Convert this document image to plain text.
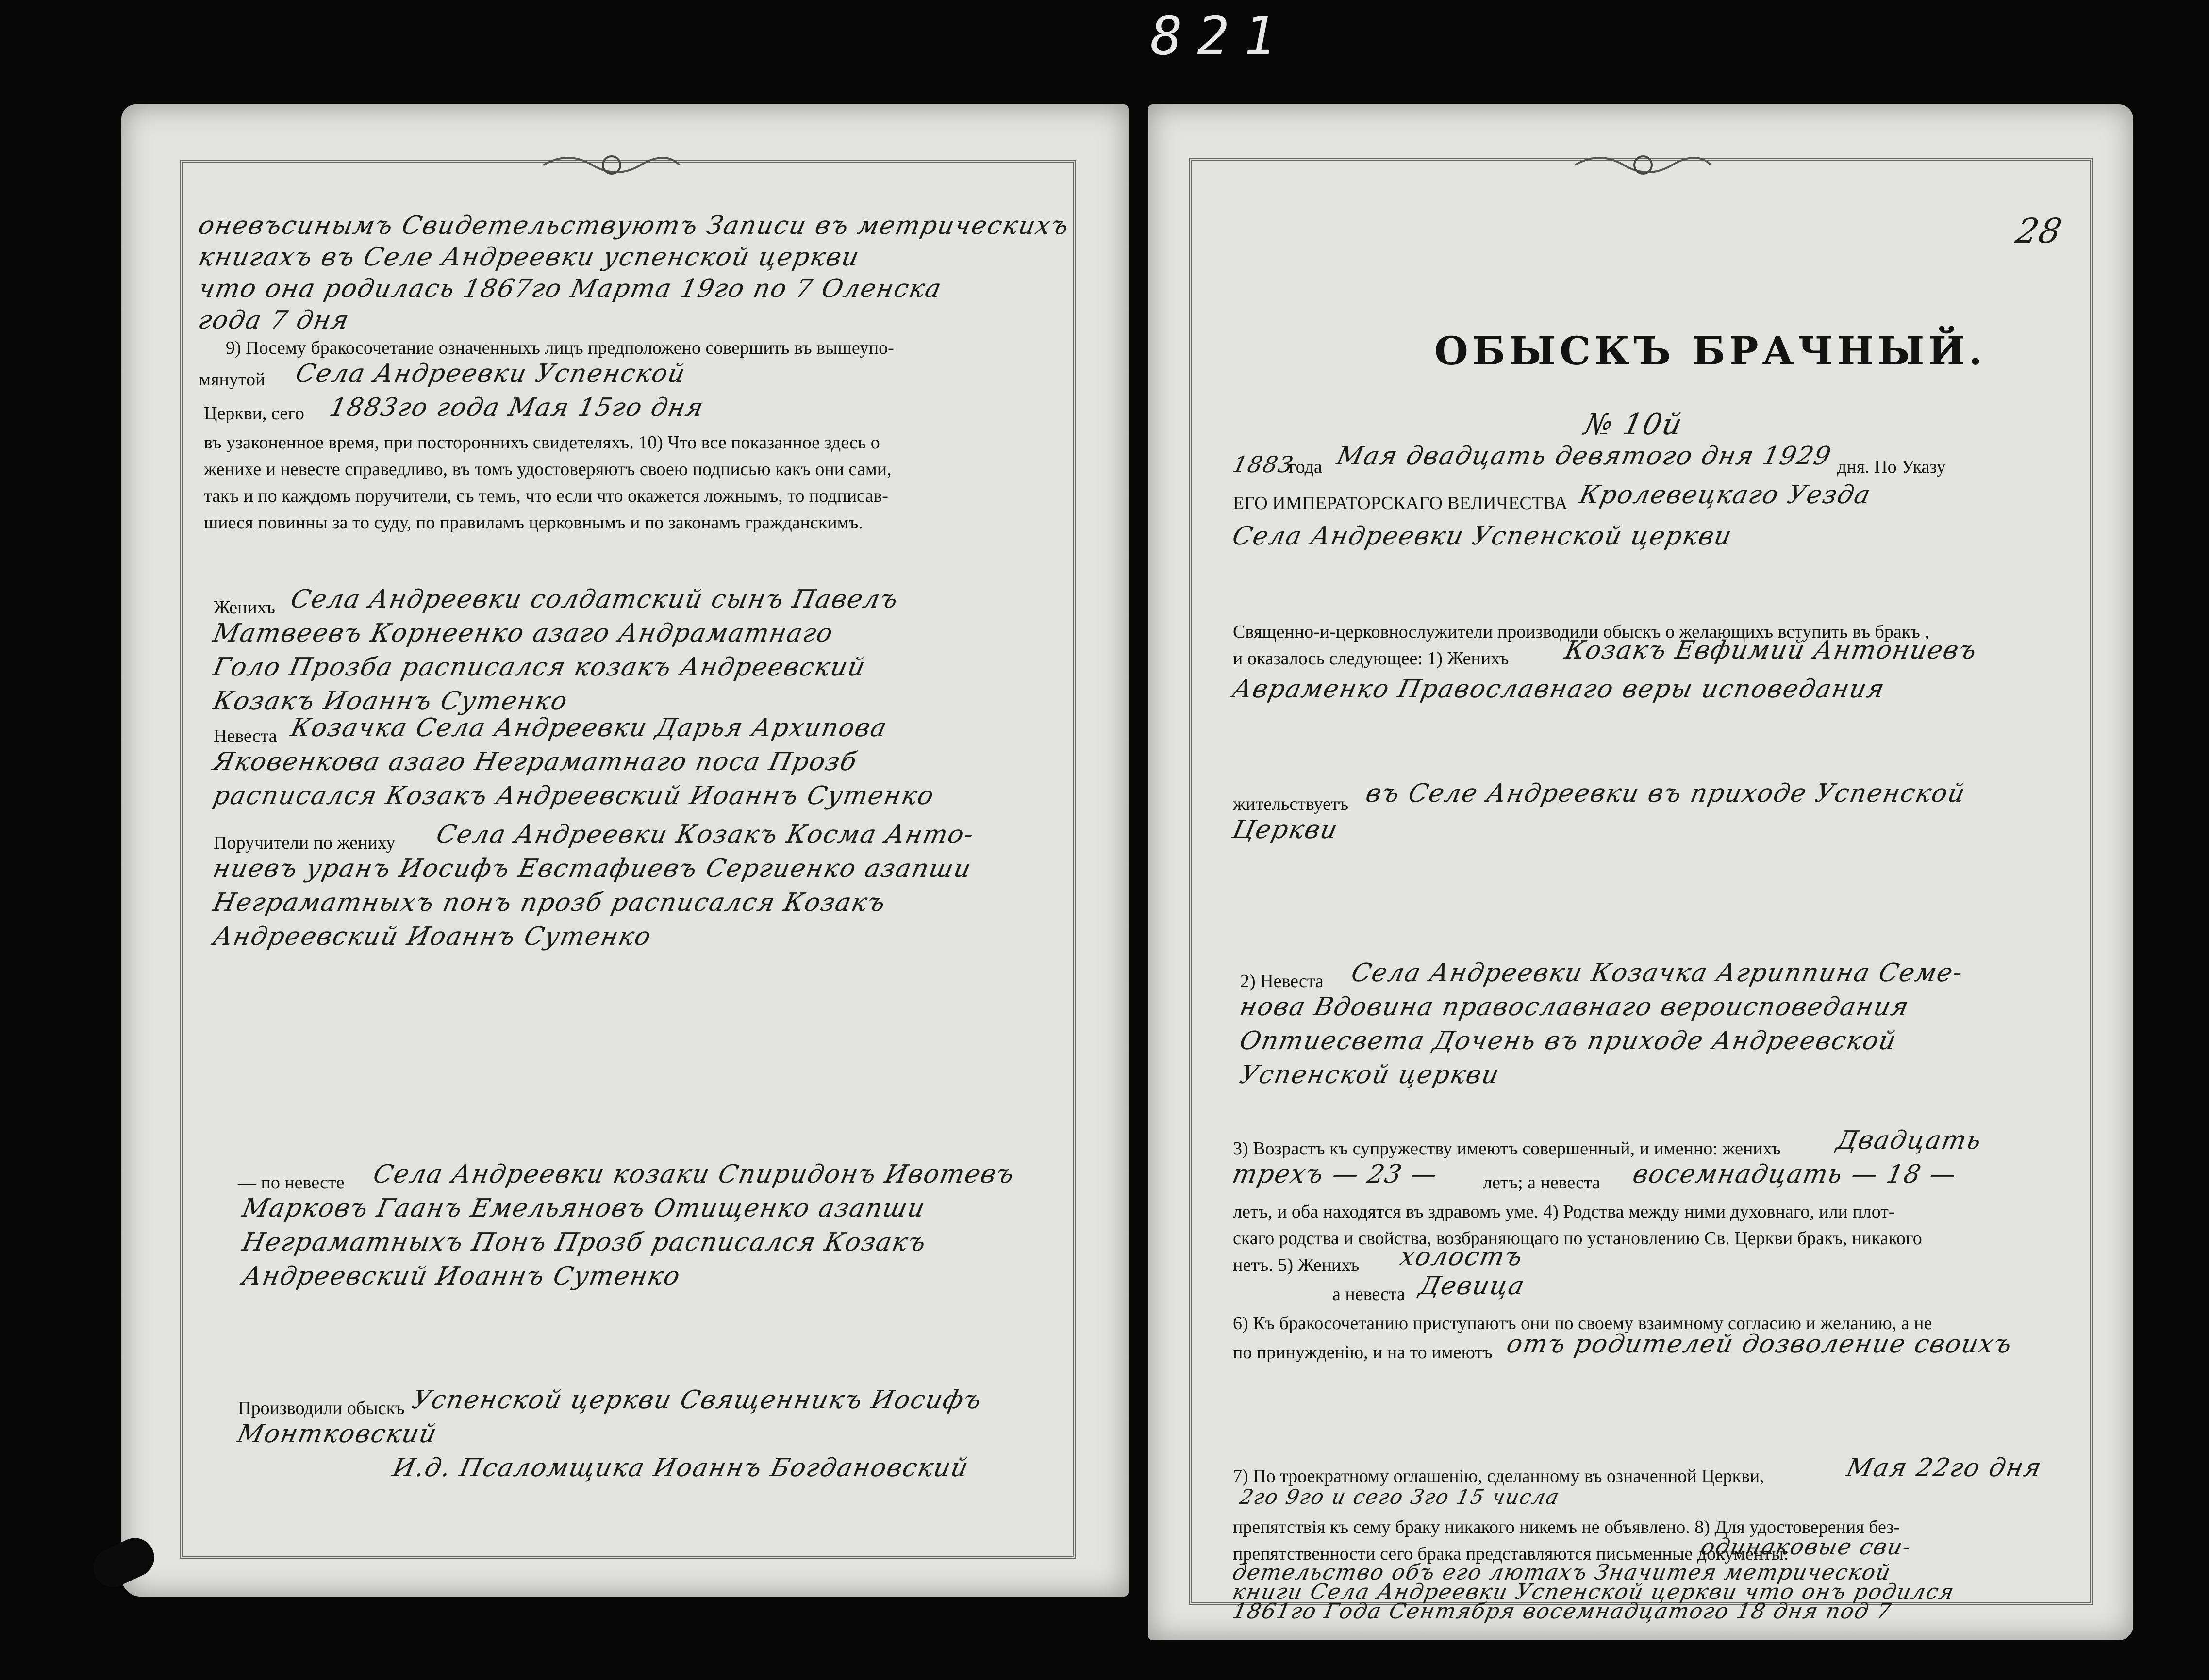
821
оневъсинымъ Свидетельствуютъ Записи въ метрическихъ
книгахъ въ Селе Андреевки успенской церкви
что она родилась 1867го Марта 19го по 7 Оленска
года 7 дня
9) Посему бракосочетание означенныхъ лицъ предположено совершить въ вышеупо-
мянутой Села Андреевки Успенской
Церкви, сего 1883го года Мая 15го дня
въ узаконенное время, при постороннихъ свидетеляхъ. 10) Что все показанное здесь о
женихе и невесте справедливо, въ томъ удостоверяютъ своею подписью какъ они сами,
такъ и по каждомъ поручители, съ темъ, что если что окажется ложнымъ, то подписав-
шиеся повинны за то суду, по правиламъ церковнымъ и по законамъ гражданскимъ.
Женихъ Села Андреевки солдатский сынъ Павелъ
Матвеевъ Корнеенко азаго Андраматнаго
Голо Прозба расписался козакъ Андреевский
Козакъ Иоаннъ Сутенко
Невеста Козачка Села Андреевки Дарья Архипова
Яковенкова азаго Неграматнаго поса Прозб
расписался Козакъ Андреевский Иоаннъ Сутенко
Поручители по жениху Села Андреевки Козакъ Косма Анто-
ниевъ уранъ Иосифъ Евстафиевъ Сергиенко азапши
Неграматныхъ понъ прозб расписался Козакъ
Андреевский Иоаннъ Сутенко
— по невесте Села Андреевки козаки Спиридонъ Ивотевъ
Марковъ Гаанъ Емельяновъ Отищенко азапши
Неграматныхъ Понъ Прозб расписался Козакъ
Андреевский Иоаннъ Сутенко
Производили обыскъ Успенской церкви Священникъ Иосифъ
Монтковский
И.д. Псаломщика Иоаннъ Богдановский
28
ОБЫСКЪ БРАЧНЫЙ.
№ 10й
1883
года Мая двадцать девятого дня 1929 дня. По Указу
ЕГО ИМПЕРАТОРСКАГО ВЕЛИЧЕСТВА Кролевецкаго Уезда
Села Андреевки Успенской церкви
Священно-и-церковнослужители производили обыскъ о желающихъ вступить въ бракъ ,
и оказалось следующее: 1) Женихъ Козакъ Евфимий Антониевъ
Авраменко Православнаго веры исповедания
жительствуетъ въ Селе Андреевки въ приходе Успенской
Церкви
2) Невеста Села Андреевки Козачка Агриппина Семе-
нова Вдовина православнаго вероисповедания
Оптиесвета Дочень въ приходе Андреевской
Успенской церкви
3) Возрастъ къ супружеству имеютъ совершенный, и именно: женихъ Двадцать
трехъ — 23 — летъ; а невеста восемнадцать — 18 —
летъ, и оба находятся въ здравомъ уме. 4) Родства между ними духовнаго, или плот-
скаго родства и свойства, возбраняющаго по установлению Св. Церкви бракъ, никакого
нетъ. 5) Женихъ холостъ
а невеста Девица
6) Къ бракосочетанию приступаютъ они по своему взаимному согласию и желанию, а не
по принужденію, и на то имеютъ отъ родителей дозволение своихъ
7) По троекратному оглашенію, сделанному въ означенной Церкви,	Мая 22го дня
2го 9го и сего 3го 15 числа
препятствія къ сему браку никакого никемъ не объявлено. 8) Для удостоверения без-
препятственности сего брака представляются письменные документы:
одинаковые сви-
детельство объ его лютахъ Значитея метрической
книги Села Андреевки Успенской церкви что онъ родился
1861го Года Сентября восемнадцатого 18 дня под 7
